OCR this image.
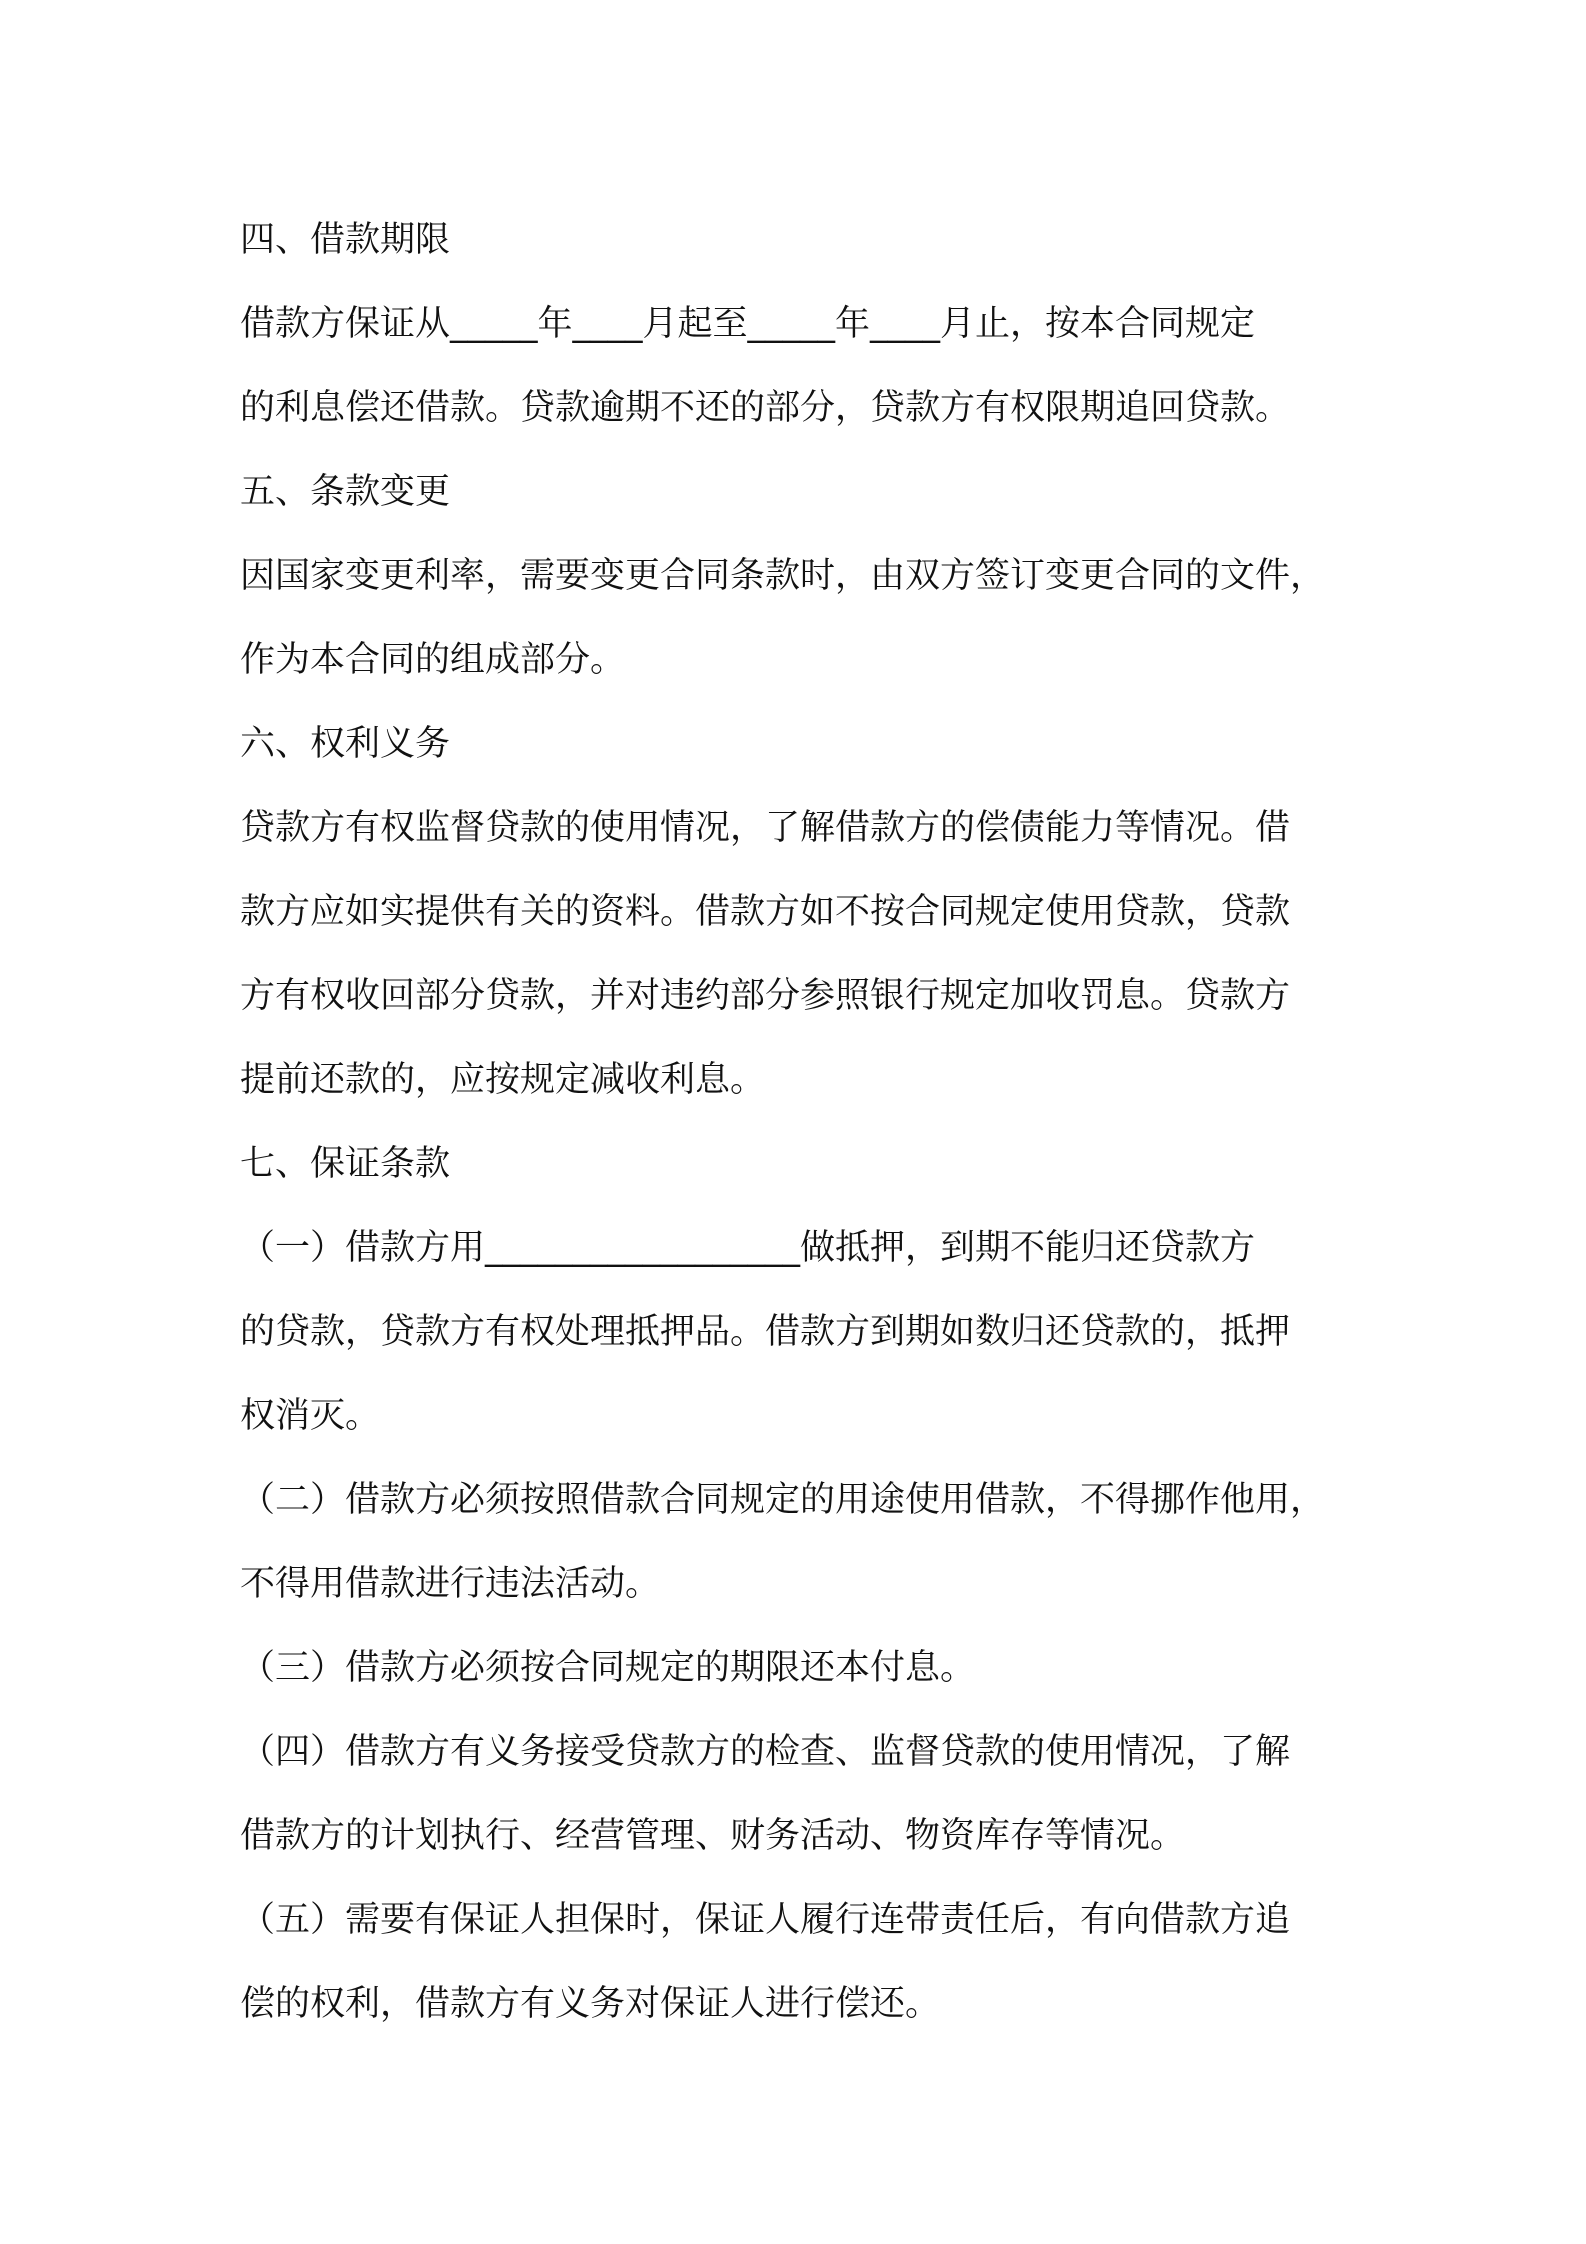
四、借款期限
借款方保证从_____年____月起至_____年____月止，按本合同规定
的利息偿还借款。贷款逾期不还的部分，贷款方有权限期追回贷款。
五、条款变更
因国家变更利率，需要变更合同条款时，由双方签订变更合同的文件，
作为本合同的组成部分。
六、权利义务
贷款方有权监督贷款的使用情况，了解借款方的偿债能力等情况。借
款方应如实提供有关的资料。借款方如不按合同规定使用贷款，贷款
方有权收回部分贷款，并对违约部分参照银行规定加收罚息。贷款方
提前还款的，应按规定减收利息。
七、保证条款
（一）借款方用__________________做抵押，到期不能归还贷款方
的贷款，贷款方有权处理抵押品。借款方到期如数归还贷款的，抵押
权消灭。
（二）借款方必须按照借款合同规定的用途使用借款，不得挪作他用，
不得用借款进行违法活动。
（三）借款方必须按合同规定的期限还本付息。
（四）借款方有义务接受贷款方的检查、监督贷款的使用情况，了解
借款方的计划执行、经营管理、财务活动、物资库存等情况。
（五）需要有保证人担保时，保证人履行连带责任后，有向借款方追
偿的权利，借款方有义务对保证人进行偿还。
